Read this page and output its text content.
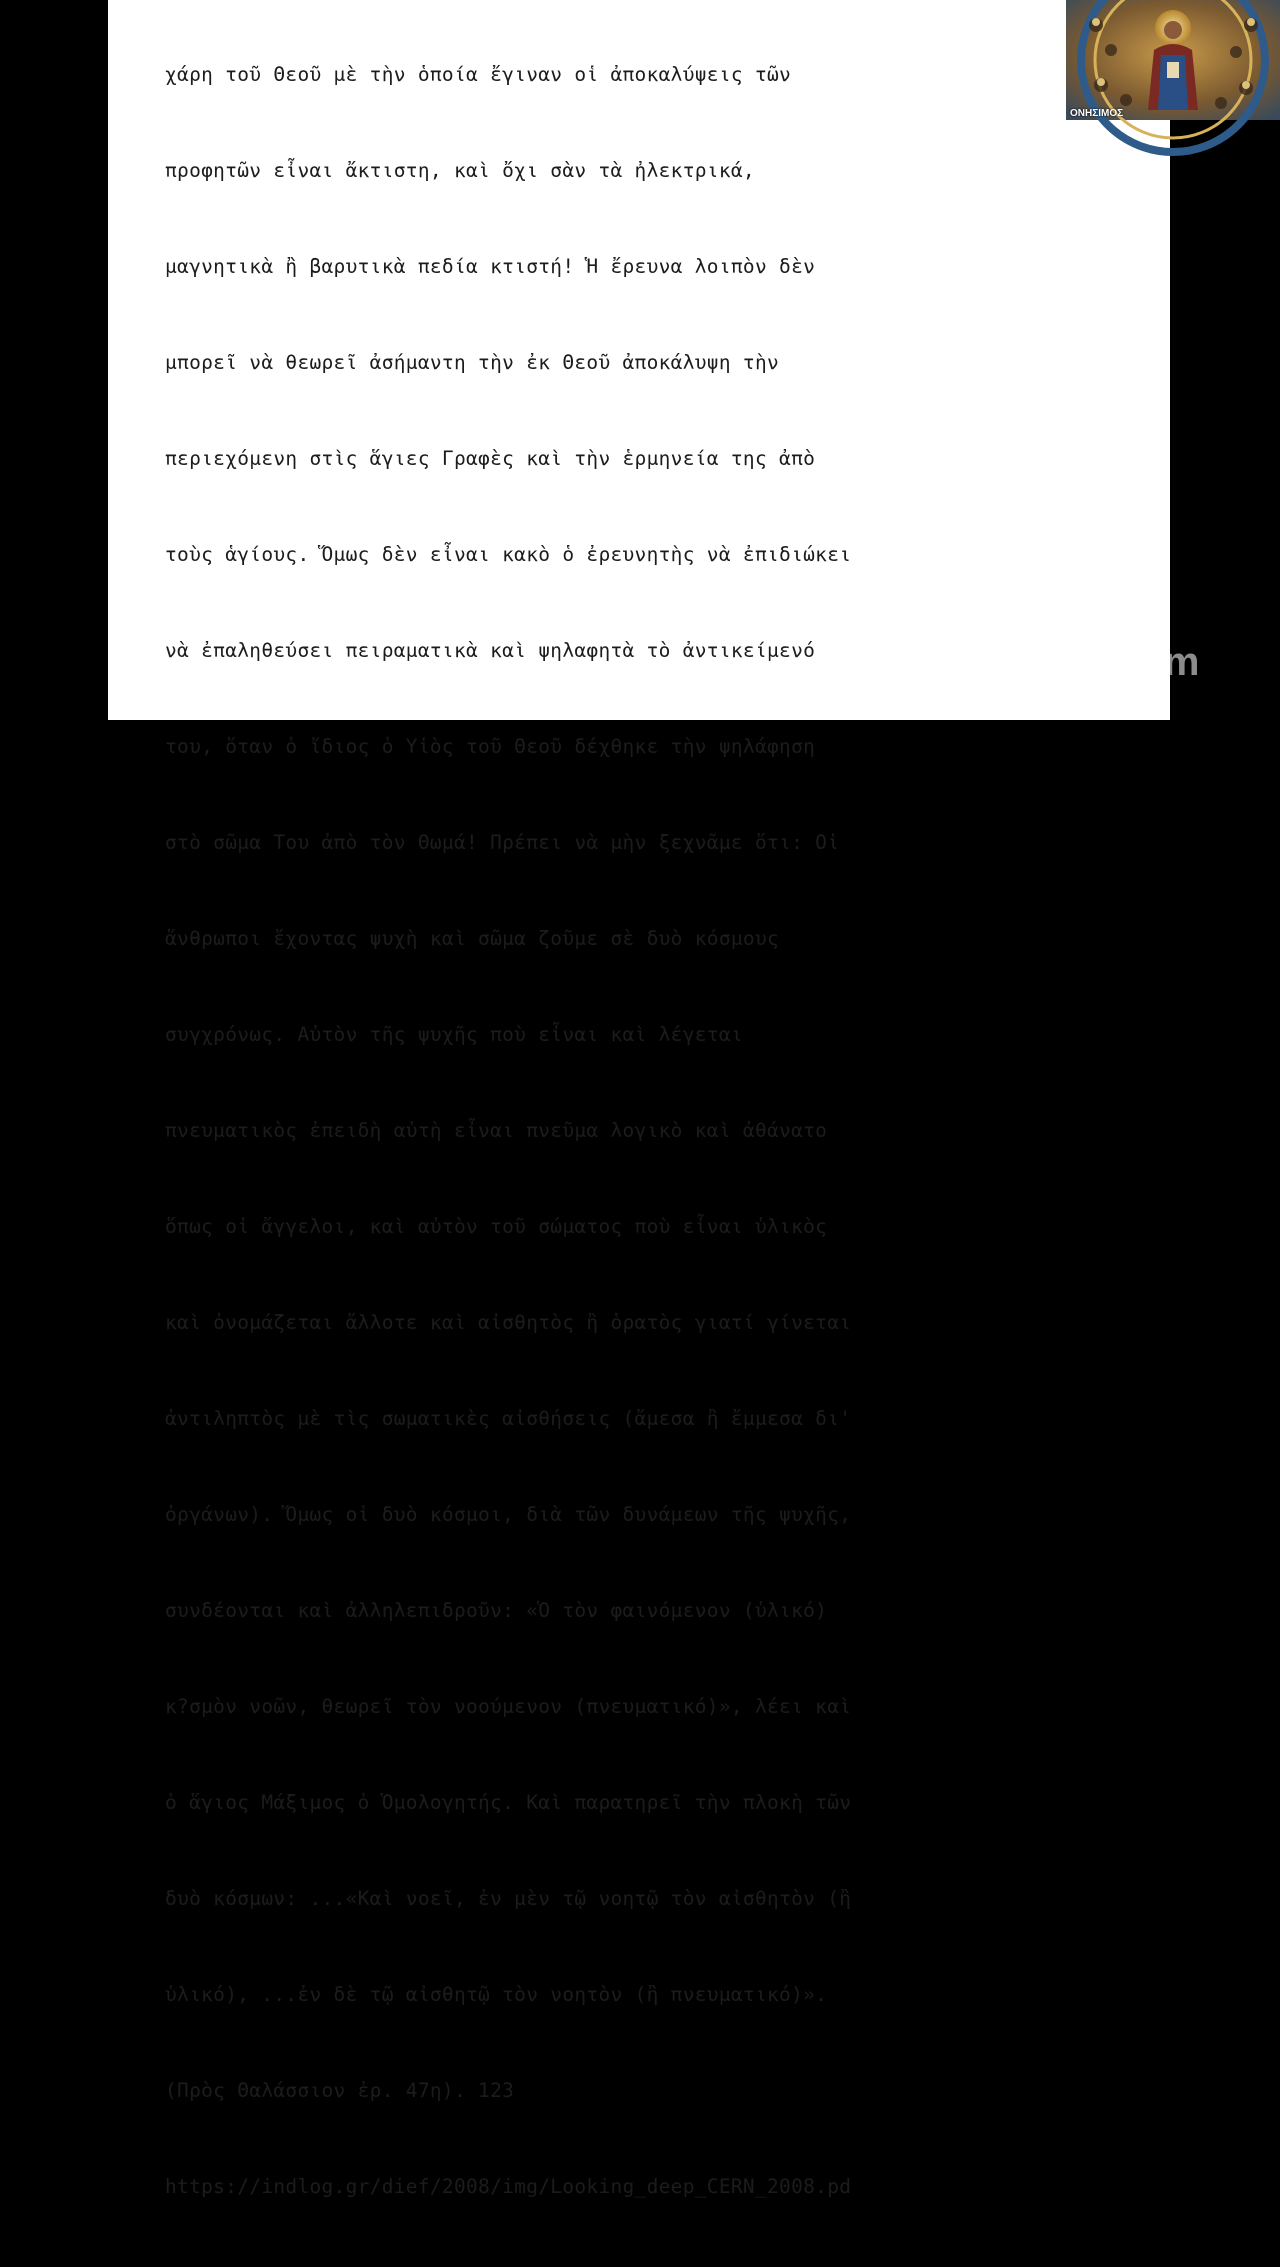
χάρη τοῦ Θεοῦ μὲ τὴν ὁποία ἔγιναν οἱ ἀποκαλύψεις τῶν

προφητῶν εἶναι ἄκτιστη, καὶ ὄχι σὰν τὰ ἠλεκτρικά,

μαγνητικὰ ἢ βαρυτικὰ πεδία κτιστή! Ἡ ἔρευνα λοιπὸν δὲν

μπορεῖ νὰ θεωρεῖ ἀσήμαντη τὴν ἐκ Θεοῦ ἀποκάλυψη τὴν

περιεχόμενη στὶς ἅγιες Γραφὲς καὶ τὴν ἑρμηνεία της ἀπὸ

τοὺς ἁγίους. Ὅμως δὲν εἶναι κακὸ ὁ ἐρευνητὴς νὰ ἐπιδιώκει

νὰ ἐπαληθεύσει πειραματικὰ καὶ ψηλαφητὰ τὸ ἀντικείμενό

του, ὅταν ὁ ἴδιος ὁ Υἱὸς τοῦ Θεοῦ δέχθηκε τὴν ψηλάφηση

στὸ σῶμα Του ἀπὸ τὸν Θωμά! Πρέπει νὰ μὴν ξεχνᾶμε ὅτι: Οἱ

ἄνθρωποι ἔχοντας ψυχὴ καὶ σῶμα ζοῦμε σὲ δυὸ κόσμους

συγχρόνως. Αὐτὸν τῆς ψυχῆς ποὺ εἶναι καὶ λέγεται

πνευματικὸς ἐπειδὴ αὐτὴ εἶναι πνεῦμα λογικὸ καὶ ἀθάνατο

ὅπως οἱ ἄγγελοι, καὶ αὐτὸν τοῦ σώματος ποὺ εἶναι ὑλικὸς

καὶ ὀνομάζεται ἄλλοτε καὶ αἰσθητὸς ἢ ὁρατὸς γιατί γίνεται

ἀντιληπτὸς μὲ τὶς σωματικὲς αἰσθήσεις (ἄμεσα ἢ ἔμμεσα δι'

ὀργάνων). Ὅμως οἱ δυὸ κόσμοι, διὰ τῶν δυνάμεων τῆς ψυχῆς,

συνδέονται καὶ ἀλληλεπιδροῦν: «Ὁ τὸν φαινόμενον (ὑλικό)

κ?σμὸν νοῶν, θεωρεῖ τὸν νοούμενον (πνευματικό)», λέει καὶ

ὁ ἅγιος Μάξιμος ὁ Ὁμολογητής. Καὶ παρατηρεῖ τὴν πλοκὴ τῶν

δυὸ κόσμων: ...«Καὶ νοεῖ, ἐν μὲν τῷ νοητῷ τὸν αἰσθητὸν (ἢ

ὑλικό), ...ἐν δὲ τῷ αἰσθητῷ τὸν νοητὸν (ἢ πνευματικό)».

(Πρὸς Θαλάσσιον ἐρ. 47η). 123

https://indlog.gr/dief/2008/img/Looking_deep_CERN_2008.pd

ΟΝΗΣΙΜΟΣ
zoom
